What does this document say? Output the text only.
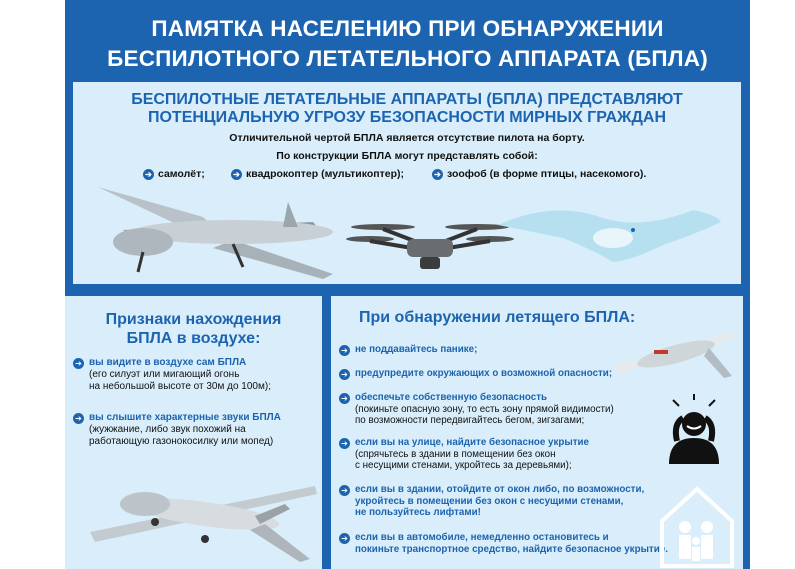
ПАМЯТКА НАСЕЛЕНИЮ ПРИ ОБНАРУЖЕНИИ
БЕСПИЛОТНОГО ЛЕТАТЕЛЬНОГО АППАРАТА (БПЛА)
БЕСПИЛОТНЫЕ ЛЕТАТЕЛЬНЫЕ АППАРАТЫ (БПЛА) ПРЕДСТАВЛЯЮТ
ПОТЕНЦИАЛЬНУЮ УГРОЗУ БЕЗОПАСНОСТИ МИРНЫХ ГРАЖДАН
Отличительной чертой БПЛА является отсутствие пилота на борту.
По конструкции БПЛА могут представлять собой:
➔ самолёт;	➔ квадрокоптер (мультикоптер);	➔ зоофоб (в форме птицы, насекомого).
Признаки нахождения
БПЛА в воздухе:
➔ вы видите в воздухе сам БПЛА
(его силуэт или мигающий огонь
на небольшой высоте от 30м до 100м);
➔ вы слышите характерные звуки БПЛА
(жужжание, либо звук похожий на
работающую газонокосилку или мопед)
При обнаружении летящего БПЛА:
➔ не поддавайтесь панике;
➔ предупредите окружающих о возможной опасности;
➔ обеспечьте собственную безопасность
(покиньте опасную зону, то есть зону прямой видимости)
по возможности передвигайтесь бегом, зигзагами;
➔ если вы на улице, найдите безопасное укрытие
(спрячьтесь в здании в помещении без окон
с несущими стенами, укройтесь за деревьями);
➔ если вы в здании, отойдите от окон либо, по возможности,
укройтесь в помещении без окон с несущими стенами,
не пользуйтесь лифтами!
➔ если вы в автомобиле, немедленно остановитесь и
покиньте транспортное средство, найдите безопасное укрытие.
